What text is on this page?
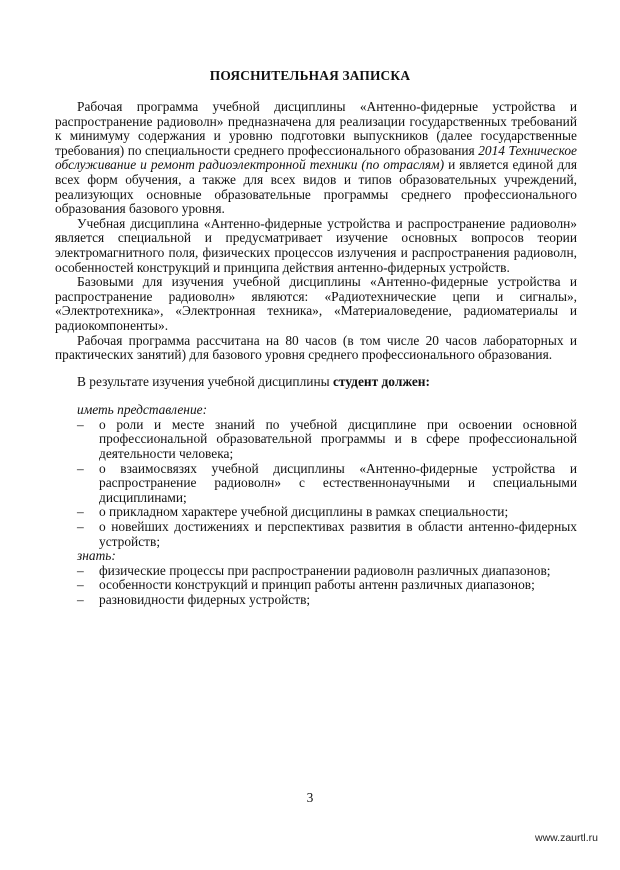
ПОЯСНИТЕЛЬНАЯ ЗАПИСКА

Рабочая программа учебной дисциплины «Антенно-фидерные устройства и распространение радиоволн» предназначена для реализации государственных требований к минимуму содержания и уровню подготовки выпускников (далее государственные требования) по специальности среднего профессионального образования 2014 Техническое обслуживание и ремонт радиоэлектронной техники (по отраслям) и является единой для всех форм обучения, а также для всех видов и типов образовательных учреждений, реализующих основные образовательные программы среднего профессионального образования базового уровня.

Учебная дисциплина «Антенно-фидерные устройства и распространение радиоволн» является специальной и предусматривает изучение основных вопросов теории электромагнитного поля, физических процессов излучения и распространения радиоволн, особенностей конструкций и принципа действия антенно-фидерных устройств.

Базовыми для изучения учебной дисциплины «Антенно-фидерные устройства и распространение радиоволн» являются: «Радиотехнические цепи и сигналы», «Электротехника», «Электронная техника», «Материаловедение, радиоматериалы и радиокомпоненты».

Рабочая программа рассчитана на 80 часов (в том числе 20 часов лабораторных и практических занятий) для базового уровня среднего профессионального образования.

В результате изучения учебной дисциплины студент должен:

иметь представление:

– о роли и месте знаний по учебной дисциплине при освоении основной профессиональной образовательной программы и в сфере профессиональной деятельности человека;
– о взаимосвязях учебной дисциплины «Антенно-фидерные устройства и распространение радиоволн» с естественнонаучными и специальными дисциплинами;
– о прикладном характере учебной дисциплины в рамках специальности;
– о новейших достижениях и перспективах развития в области антенно-фидерных устройств;

знать:

– физические процессы при распространении радиоволн различных диапазонов;
– особенности конструкций и принцип работы антенн различных диапазонов;
– разновидности фидерных устройств;
3
www.zaurtl.ru
